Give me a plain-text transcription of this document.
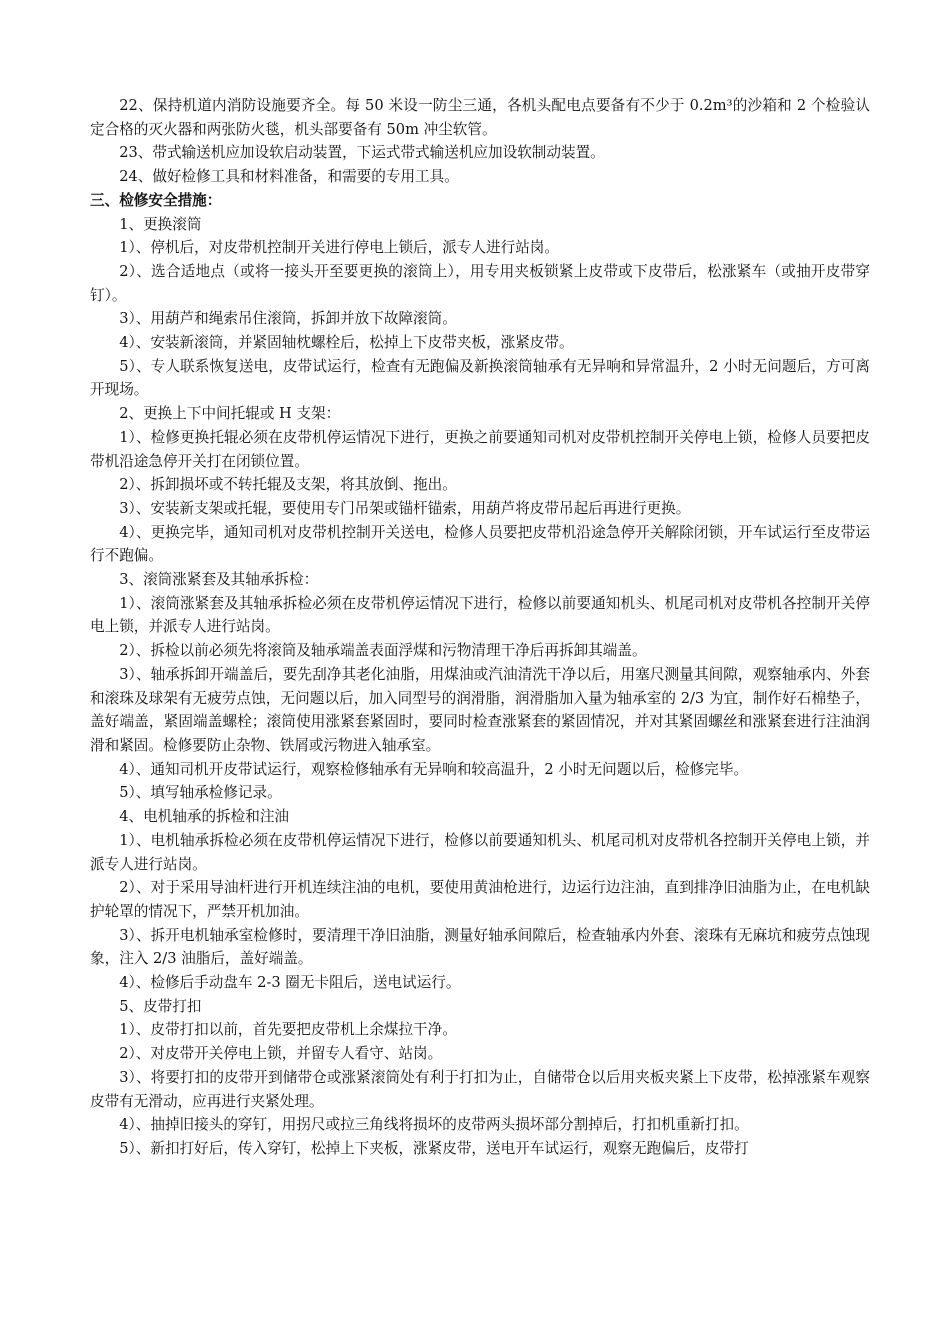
22、保持机道内消防设施要齐全。每 50 米设一防尘三通，各机头配电点要备有不少于 0.2m³的沙箱和 2 个检验认定合格的灭火器和两张防火毯，机头部要备有 50m 冲尘软管。

23、带式输送机应加设软启动装置，下运式带式输送机应加设软制动装置。

24、做好检修工具和材料准备，和需要的专用工具。

三、检修安全措施：

1、更换滚筒

1）、停机后，对皮带机控制开关进行停电上锁后，派专人进行站岗。

2）、选合适地点（或将一接头开至要更换的滚筒上），用专用夹板锁紧上皮带或下皮带后，松涨紧车（或抽开皮带穿钉）。

3）、用葫芦和绳索吊住滚筒，拆卸并放下故障滚筒。

4）、安装新滚筒，并紧固轴枕螺栓后，松掉上下皮带夹板，涨紧皮带。

5）、专人联系恢复送电，皮带试运行，检查有无跑偏及新换滚筒轴承有无异响和异常温升，2 小时无问题后，方可离开现场。

2、更换上下中间托辊或 H 支架：

1）、检修更换托辊必须在皮带机停运情况下进行，更换之前要通知司机对皮带机控制开关停电上锁，检修人员要把皮带机沿途急停开关打在闭锁位置。

2）、拆卸损坏或不转托辊及支架，将其放倒、拖出。

3）、安装新支架或托辊，要使用专门吊架或锚杆锚索，用葫芦将皮带吊起后再进行更换。

4）、更换完毕，通知司机对皮带机控制开关送电，检修人员要把皮带机沿途急停开关解除闭锁，开车试运行至皮带运行不跑偏。

3、滚筒涨紧套及其轴承拆检：

1）、滚筒涨紧套及其轴承拆检必须在皮带机停运情况下进行，检修以前要通知机头、机尾司机对皮带机各控制开关停电上锁，并派专人进行站岗。

2）、拆检以前必须先将滚筒及轴承端盖表面浮煤和污物清理干净后再拆卸其端盖。

3）、轴承拆卸开端盖后，要先刮净其老化油脂，用煤油或汽油清洗干净以后，用塞尺测量其间隙，观察轴承内、外套和滚珠及球架有无疲劳点蚀，无问题以后，加入同型号的润滑脂，润滑脂加入量为轴承室的 2/3 为宜，制作好石棉垫子，盖好端盖，紧固端盖螺栓；滚筒使用涨紧套紧固时，要同时检查涨紧套的紧固情况，并对其紧固螺丝和涨紧套进行注油润滑和紧固。检修要防止杂物、铁屑或污物进入轴承室。

4）、通知司机开皮带试运行，观察检修轴承有无异响和较高温升，2 小时无问题以后，检修完毕。

5）、填写轴承检修记录。

4、电机轴承的拆检和注油

1）、电机轴承拆检必须在皮带机停运情况下进行，检修以前要通知机头、机尾司机对皮带机各控制开关停电上锁，并派专人进行站岗。

2）、对于采用导油杆进行开机连续注油的电机，要使用黄油枪进行，边运行边注油，直到排净旧油脂为止，在电机缺护轮罩的情况下，严禁开机加油。

3）、拆开电机轴承室检修时，要清理干净旧油脂，测量好轴承间隙后，检查轴承内外套、滚珠有无麻坑和疲劳点蚀现象，注入 2/3 油脂后，盖好端盖。

4）、检修后手动盘车 2-3 圈无卡阻后，送电试运行。

5、皮带打扣

1）、皮带打扣以前，首先要把皮带机上余煤拉干净。

2）、对皮带开关停电上锁，并留专人看守、站岗。

3）、将要打扣的皮带开到储带仓或涨紧滚筒处有利于打扣为止，自储带仓以后用夹板夹紧上下皮带，松掉涨紧车观察皮带有无滑动，应再进行夹紧处理。

4）、抽掉旧接头的穿钉，用拐尺或拉三角线将损坏的皮带两头损坏部分割掉后，打扣机重新打扣。

5）、新扣打好后，传入穿钉，松掉上下夹板，涨紧皮带，送电开车试运行，观察无跑偏后，皮带打
